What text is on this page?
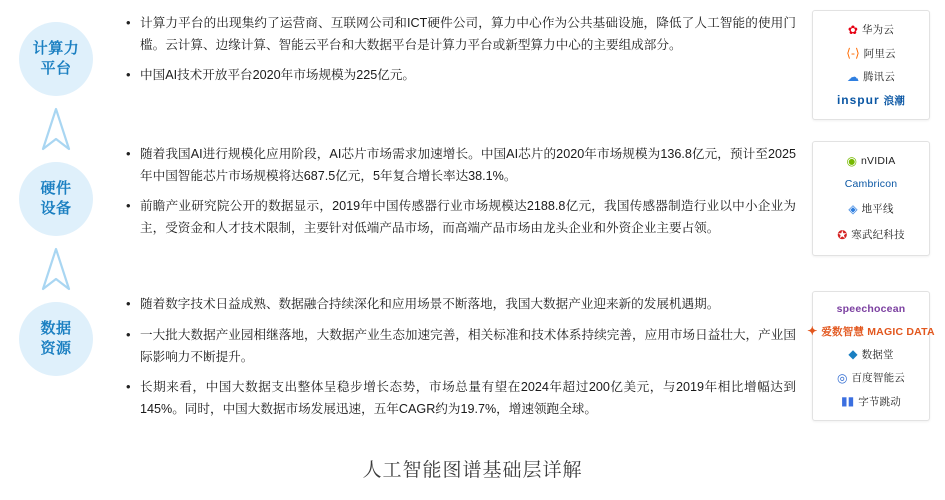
计算力
平台
硬件
设备
数据
资源
• 计算力平台的出现集约了运营商、互联网公司和ICT硬件公司，算力中心作为公共基础设施，降低了人工智能的使用门槛。云计算、边缘计算、智能云平台和大数据平台是计算力平台或新型算力中心的主要组成部分。
• 中国AI技术开放平台2020年市场规模为225亿元。
✿ 华为云
⟨-⟩ 阿里云
☁ 腾讯云
inspur 浪潮
• 随着我国AI进行规模化应用阶段，AI芯片市场需求加速增长。中国AI芯片的2020年市场规模为136.8亿元，预计至2025年中国智能芯片市场规模将达687.5亿元，5年复合增长率达38.1%。
• 前瞻产业研究院公开的数据显示，2019年中国传感器行业市场规模达2188.8亿元，我国传感器制造行业以中小企业为主，受资金和人才技术限制，主要针对低端产品市场，而高端产品市场由龙头企业和外资企业主要占领。
◉ nVIDIA
Cambricon
◈ 地平线
✪ 寒武纪科技
• 随着数字技术日益成熟、数据融合持续深化和应用场景不断落地，我国大数据产业迎来新的发展机遇期。
• 一大批大数据产业园相继落地，大数据产业生态加速完善，相关标准和技术体系持续完善，应用市场日益壮大，产业国际影响力不断提升。
• 长期来看，中国大数据支出整体呈稳步增长态势，市场总量有望在2024年超过200亿美元，与2019年相比增幅达到145%。同时，中国大数据市场发展迅速，五年CAGR约为19.7%，增速领跑全球。
speechocean
✦ 爱数智慧 MAGIC DATA
◆ 数据堂
◎ 百度智能云
▮▮ 字节跳动
人工智能图谱基础层详解
